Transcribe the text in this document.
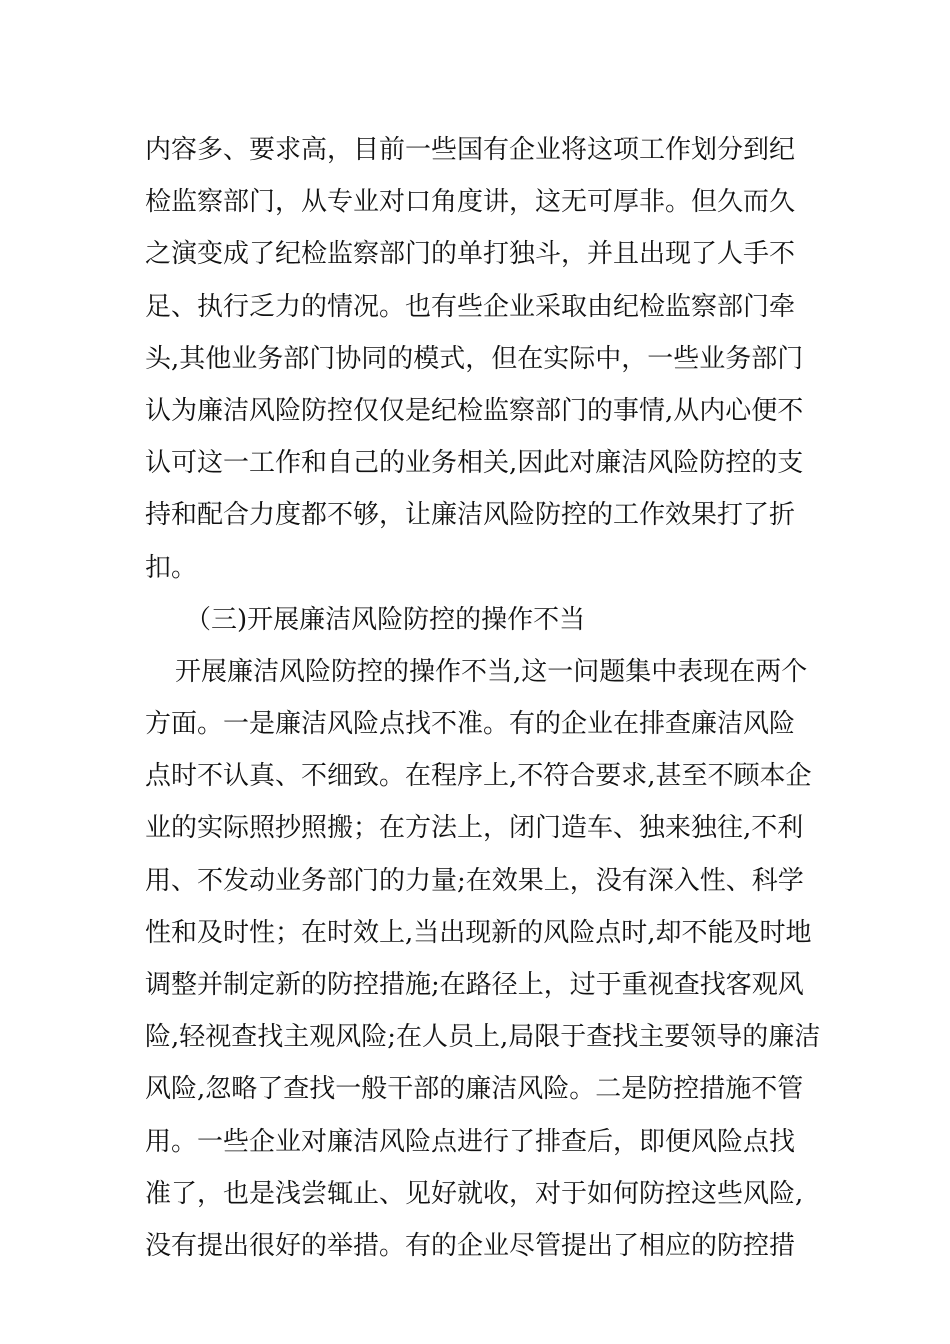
内容多、要求高，目前一些国有企业将这项工作划分到纪
检监察部门，从专业对口角度讲，这无可厚非。但久而久
之演变成了纪检监察部门的单打独斗，并且出现了人手不
足、执行乏力的情况。也有些企业采取由纪检监察部门牵
头,其他业务部门协同的模式，但在实际中，一些业务部门
认为廉洁风险防控仅仅是纪检监察部门的事情,从内心便不
认可这一工作和自己的业务相关,因此对廉洁风险防控的支
持和配合力度都不够，让廉洁风险防控的工作效果打了折
扣。
（三)开展廉洁风险防控的操作不当
开展廉洁风险防控的操作不当,这一问题集中表现在两个
方面。一是廉洁风险点找不准。有的企业在排查廉洁风险
点时不认真、不细致。在程序上,不符合要求,甚至不顾本企
业的实际照抄照搬；在方法上，闭门造车、独来独往,不利
用、不发动业务部门的力量;在效果上，没有深入性、科学
性和及时性；在时效上,当出现新的风险点时,却不能及时地
调整并制定新的防控措施;在路径上，过于重视查找客观风
险,轻视查找主观风险;在人员上,局限于查找主要领导的廉洁
风险,忽略了查找一般干部的廉洁风险。二是防控措施不管
用。一些企业对廉洁风险点进行了排查后，即便风险点找
准了，也是浅尝辄止、见好就收，对于如何防控这些风险,
没有提出很好的举措。有的企业尽管提出了相应的防控措
